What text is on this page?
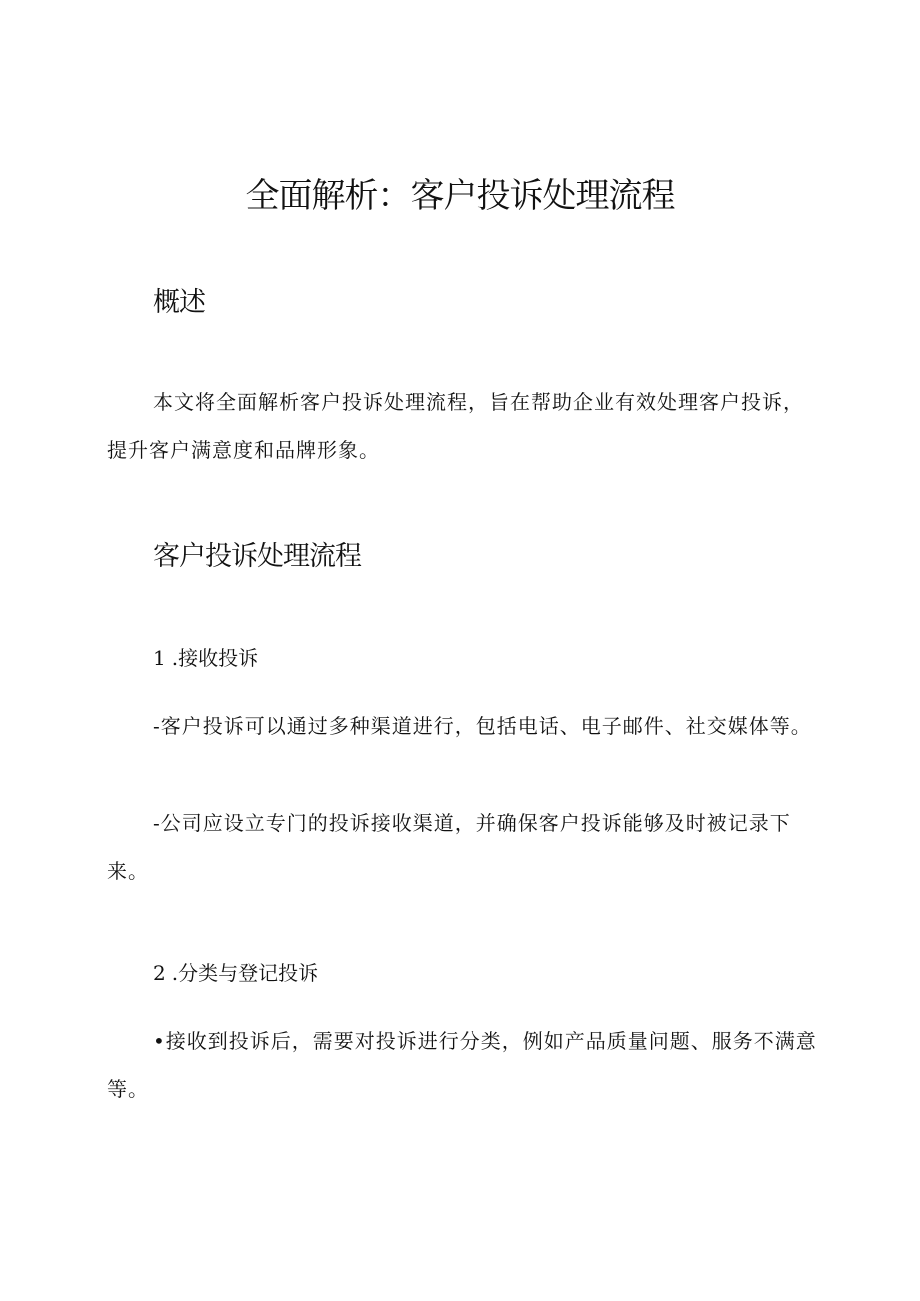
全面解析：客户投诉处理流程
概述
本文将全面解析客户投诉处理流程，旨在帮助企业有效处理客户投诉，提升客户满意度和品牌形象。
客户投诉处理流程
1 .接收投诉
-客户投诉可以通过多种渠道进行，包括电话、电子邮件、社交媒体等。
-公司应设立专门的投诉接收渠道，并确保客户投诉能够及时被记录下来。
2 .分类与登记投诉
•接收到投诉后，需要对投诉进行分类，例如产品质量问题、服务不满意等。
